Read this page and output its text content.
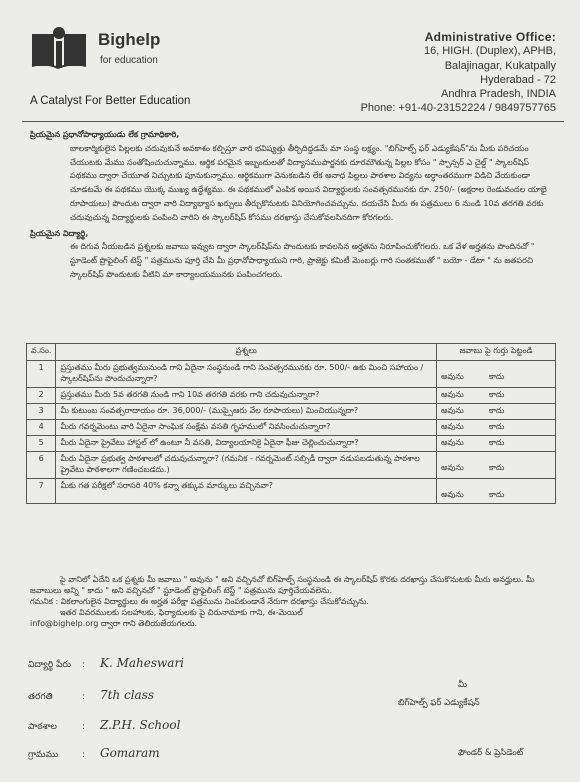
Bighelp
for education
A Catalyst For Better Education
Administrative Office:
16, HIGH. (Duplex), APHB,
Balajinagar, Kukatpally
Hyderabad - 72
Andhra Pradesh, INDIA
Phone: +91-40-23152224 / 9849757765

ప్రియమైన ప్రధానోపాధ్యాయుడు లేక గ్రామాధికారి,

బాలకార్మికులైన పిల్లలకు చదువుకునే అవకాశం కల్పిస్తూ వారి భవిష్యత్తు తీర్చిదిద్దడమే మా సంస్థ లక్ష్యం. "బిగ్‌హెల్ప్ ఫర్ ఎడ్యుకేషన్"ను మీకు పరిచయం చేయుటకు మేము సంతోషించుచున్నాము. ఆర్థిక పరమైన ఇబ్బందులతో విద్యాసముపార్జనకు దూరమౌతున్న పిల్లల కోసం " స్పాన్సర్ ఎ చైల్డ్ " స్కాలర్‌షిప్ పథకము ద్వారా చేయూత నిచ్చుటకు పూనుకున్నాము. ఆర్థికముగా వెనుకబడిన లేక అనాధ పిల్లలు పాఠశాల విద్యను అర్ధాంతరముగా విడిచి వేయకుండా చూడటమే ఈ పథకము యొక్క ముఖ్య ఉద్దేశ్యము. ఈ పథకములో ఎంపిక అయిన విద్యార్థులకు సంవత్సరమునకు రూ. 250/- (అక్షరాల రెండువందల యాభై రూపాయలు) పొందుట ద్వారా వారి విద్యాభ్యాస ఖర్చులు తీర్చుకొనుటకు వినియోగించవచ్చును. దయచేసి మీరు ఈ పత్రములు 6 నుండి 10వ తరగతి వరకు చదువుచున్న విద్యార్థులకు పంపించి వారిని ఈ స్కాలర్‌షిప్ కోసము దరఖాస్తు చేసుకోవలసినదిగా కోరగలరు.

ప్రియమైన విద్యార్థి,

ఈ దిగువ నీయబడిన ప్రశ్నలకు జవాబు ఇవ్వుట ద్వారా స్కాలర్‌షిప్‌ను పొందుటకు కావలసిన అర్హతను నిరూపించుకోగలరు. ఒక వేళ అర్హతను పొందినచో " స్టూడెంట్ ప్రొఫైలింగ్ టెస్ట్ " పత్రమును పూర్తి చేసి మీ ప్రధానోపాధ్యాయుని గారి, ప్రాజెక్టు కమిటీ మెంబర్లు గారి సంతకముతో " బయో - డేటా " ను జతపరచి స్కాలర్‌షిప్ పొందుటకు వీటిని మా కార్యాలయమునకు పంపించగలరు.

వ.సం.	ప్రశ్నలు	జవాబు పై గుర్తు పెట్టండి
1	ప్రస్తుతము మీరు ప్రభుత్వమునుండి గాని ఏదైనా సంస్థనుండి గాని సంవత్సరమునకు రూ. 500/- ఉకు మించి సహాయం / స్కాలర్‌షిప్‌ను పొందుచున్నారా?	అవును కాదు
2	ప్రస్తుతము మీరు 5వ తరగతి నుండి గాని 10వ తరగతి వరకు గాని చదువుచున్నారా?	అవును కాదు
3	మీ కుటుంబ సంవత్సరాదాయం రూ. 36,000/- (ముప్పైఆరు వేల రూపాయలు) మించియున్నదా?	అవును కాదు
4	మీరు గవర్నమెంటు వారి ఏదైనా సాంఘిక సంక్షేమ వసతి గృహములో నివసించుచున్నారా?	అవును కాదు
5	మీరు ఏదైనా ప్రైవేటు హాస్టల్ లో ఉంటూ నీ వసతి, విద్యాలయానికై ఏదైనా ఫీజు చెల్లించుచున్నారా?	అవును కాదు
6	మీరు ఏదైనా ప్రభుత్వ పాఠశాలలో చదువుచున్నారా? (గమనిక - గవర్నమెంట్ సబ్సిడీ ద్వారా నడుపబడుతున్న పాఠశాల ప్రైవేటు పాఠశాలగా గణించబడదు.)	అవును కాదు
7	మీకు గత పరీక్షలో సరాసరి 40% కన్నా తక్కువ మార్కులు వచ్చినవా?	అవును కాదు

పై వానిలో ఏదేని ఒక ప్రశ్నకు మీ జవాబు " అవును " అని వచ్చినచో బిగ్‌హెల్ప్ సంస్థనుండి ఈ స్కాలర్‌షిప్ కొరకు దరఖాస్తు చేసుకొనుటకు మీరు అనర్హులు. మీ జవాబులు అన్ని " కాదు " అని వచ్చినచో " స్టూడెంట్ ప్రొఫైలింగ్ టెస్ట్ " పత్రమును పూర్తిచేయవలెను.

గమనిక : వికలాంగులైన విద్యార్థులు ఈ అర్హత పరీక్షా పత్రమును నింపకుండానే నేరుగా దరఖాస్తు చేసుకోవచ్చును.

ఇతర వివరములకు సలహాలకు, ఫిర్యాదులకు పై చిరునామాకు గాని, ఈ-మెయిల్

info@bighelp.org ద్వారా గాని తెలియజేయగలరు.

విద్యార్థి పేరు : K. Maheswari
తరగతి	: 7th class
పాఠశాల	: Z.P.H. School
గ్రామము	: Gomaram
మీ
బిగ్‌హెల్ప్ ఫర్ ఎడ్యుకేషన్
ఫౌండర్ & ప్రెసిడెంట్
